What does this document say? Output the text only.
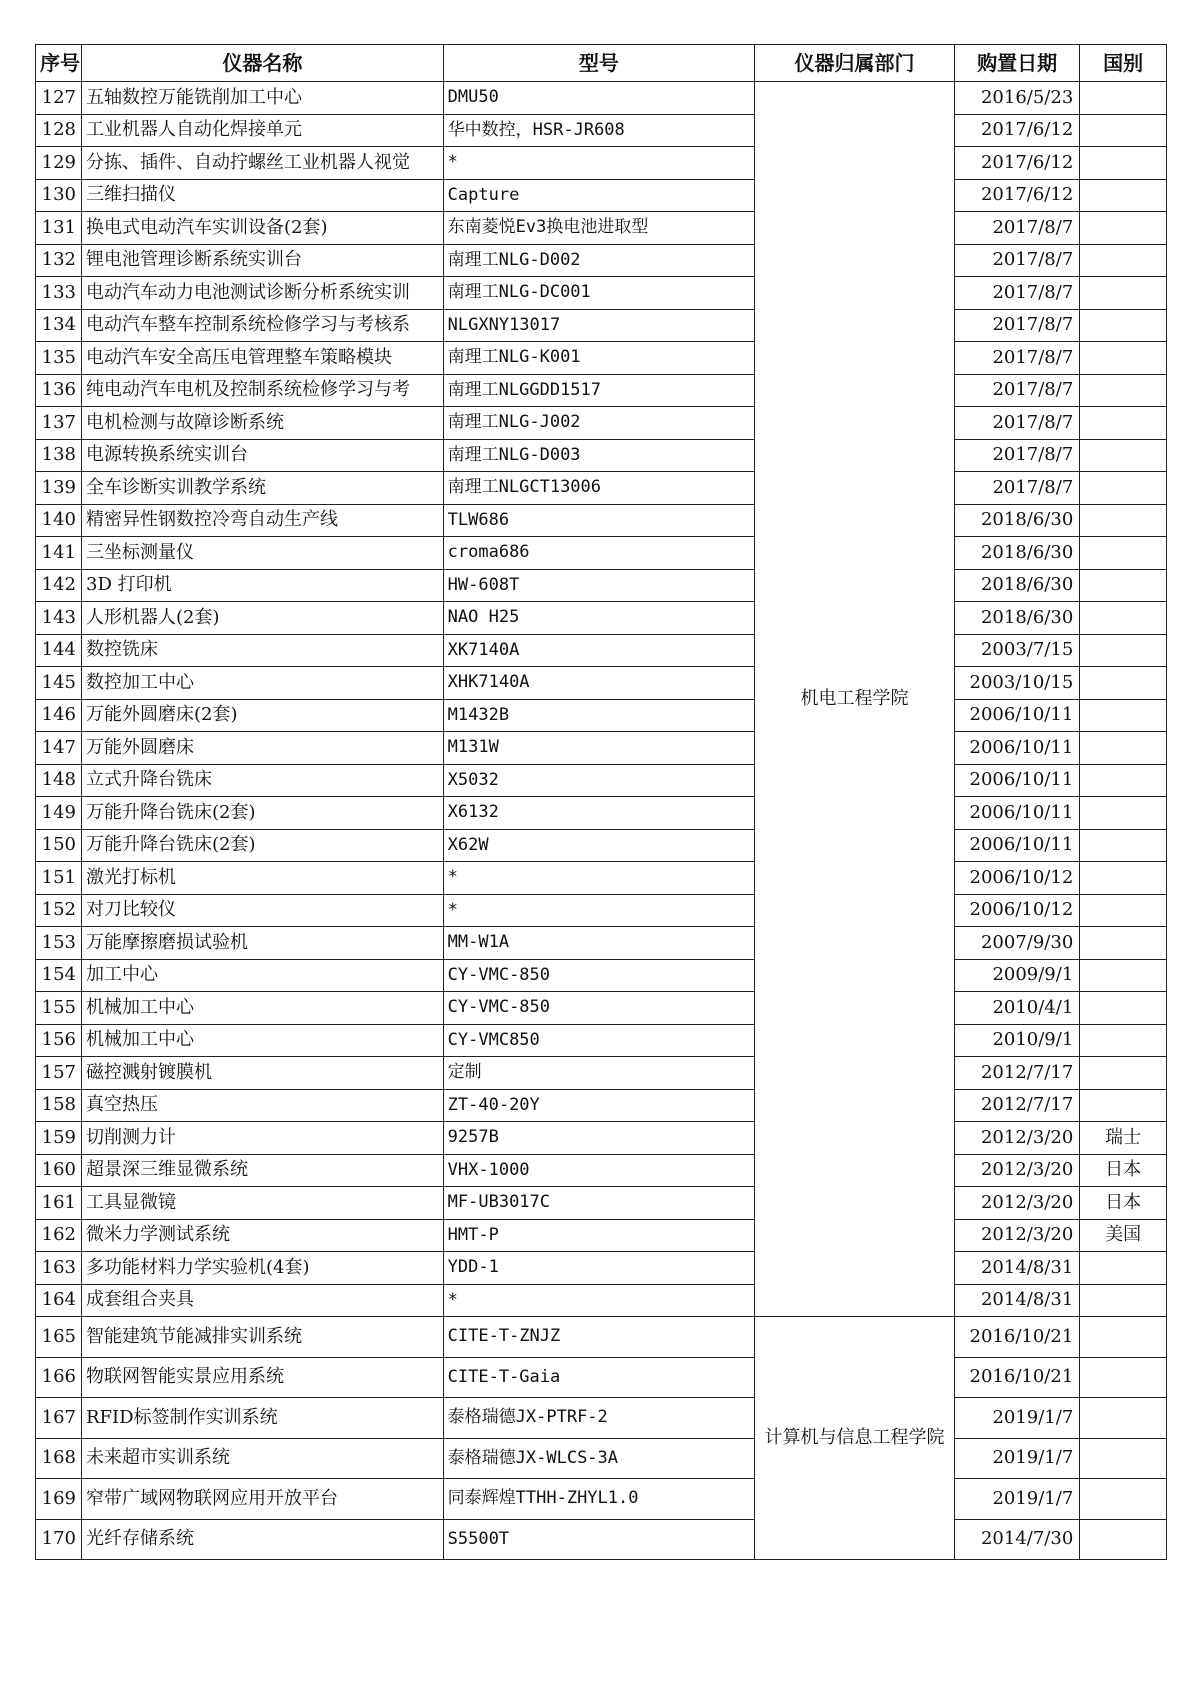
序号	仪器名称	型号	仪器归属部门	购置日期	国别
127	五轴数控万能铣削加工中心	DMU50	机电工程学院	2016/5/23	
128	工业机器人自动化焊接单元	华中数控，HSR-JR608		2017/6/12	
129	分拣、插件、自动拧螺丝工业机器人视觉	*		2017/6/12	
130	三维扫描仪	Capture		2017/6/12	
131	换电式电动汽车实训设备(2套)	东南菱悦Ev3换电池进取型		2017/8/7	
132	锂电池管理诊断系统实训台	南理工NLG-D002		2017/8/7	
133	电动汽车动力电池测试诊断分析系统实训	南理工NLG-DC001		2017/8/7	
134	电动汽车整车控制系统检修学习与考核系	NLGXNY13017		2017/8/7	
135	电动汽车安全高压电管理整车策略模块	南理工NLG-K001		2017/8/7	
136	纯电动汽车电机及控制系统检修学习与考	南理工NLGGDD1517		2017/8/7	
137	电机检测与故障诊断系统	南理工NLG-J002		2017/8/7	
138	电源转换系统实训台	南理工NLG-D003		2017/8/7	
139	全车诊断实训教学系统	南理工NLGCT13006		2017/8/7	
140	精密异性钢数控冷弯自动生产线	TLW686		2018/6/30	
141	三坐标测量仪	croma686		2018/6/30	
142	3D 打印机	HW-608T		2018/6/30	
143	人形机器人(2套)	NAO H25		2018/6/30	
144	数控铣床	XK7140A		2003/7/15	
145	数控加工中心	XHK7140A		2003/10/15	
146	万能外圆磨床(2套)	M1432B		2006/10/11	
147	万能外圆磨床	M131W		2006/10/11	
148	立式升降台铣床	X5032		2006/10/11	
149	万能升降台铣床(2套)	X6132		2006/10/11	
150	万能升降台铣床(2套)	X62W		2006/10/11	
151	激光打标机	*		2006/10/12	
152	对刀比较仪	*		2006/10/12	
153	万能摩擦磨损试验机	MM-W1A		2007/9/30	
154	加工中心	CY-VMC-850		2009/9/1	
155	机械加工中心	CY-VMC-850		2010/4/1	
156	机械加工中心	CY-VMC850		2010/9/1	
157	磁控溅射镀膜机	定制		2012/7/17	
158	真空热压	ZT-40-20Y		2012/7/17	
159	切削测力计	9257B		2012/3/20	瑞士
160	超景深三维显微系统	VHX-1000		2012/3/20	日本
161	工具显微镜	MF-UB3017C		2012/3/20	日本
162	微米力学测试系统	HMT-P		2012/3/20	美国
163	多功能材料力学实验机(4套)	YDD-1		2014/8/31	
164	成套组合夹具	*		2014/8/31	
165	智能建筑节能减排实训系统	CITE-T-ZNJZ	计算机与信息工程学院	2016/10/21	
166	物联网智能实景应用系统	CITE-T-Gaia		2016/10/21	
167	RFID标签制作实训系统	泰格瑞德JX-PTRF-2		2019/1/7	
168	未来超市实训系统	泰格瑞德JX-WLCS-3A		2019/1/7	
169	窄带广域网物联网应用开放平台	同泰辉煌TTHH-ZHYL1.0		2019/1/7	
170	光纤存储系统	S5500T		2014/7/30	
